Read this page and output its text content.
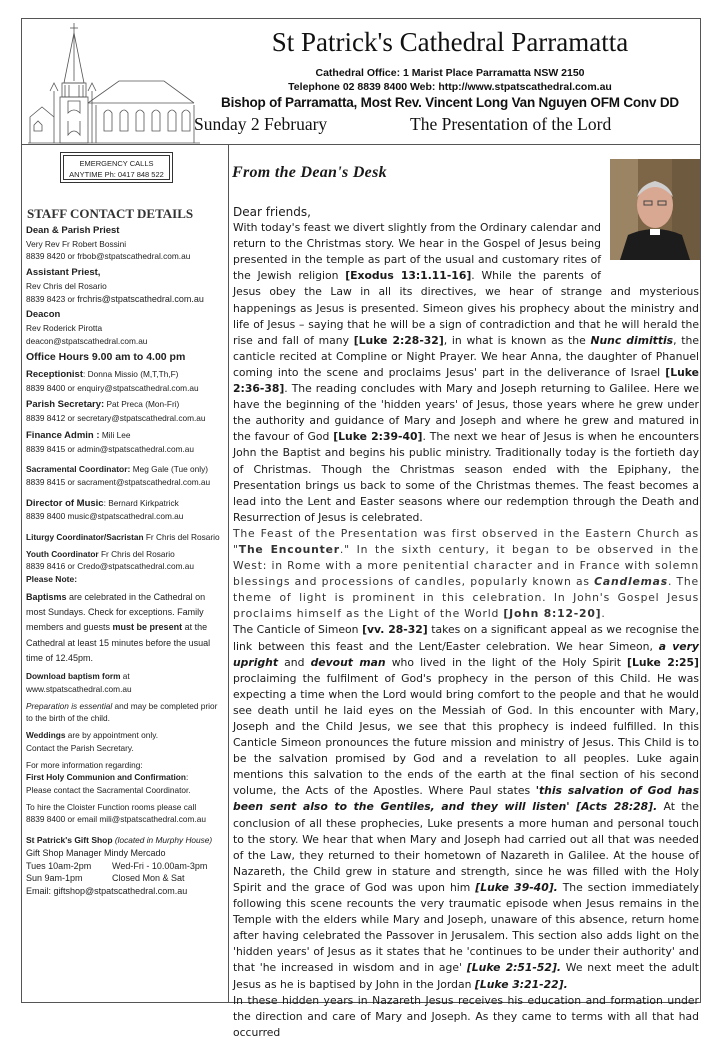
St Patrick's Cathedral Parramatta
Cathedral Office: 1 Marist Place Parramatta NSW 2150
Telephone 02 8839 8400 Web: http://www.stpatscathedral.com.au
Bishop of Parramatta, Most Rev. Vincent Long Van Nguyen OFM Conv DD
Sunday 2 February	The Presentation of the Lord
EMERGENCY CALLS
ANYTIME Ph: 0417 848 522
STAFF CONTACT DETAILS
Dean & Parish Priest
Very Rev Fr Robert Bossini
8839 8420 or frbob@stpatscathedral.com.au
Assistant Priest,
Rev Chris del Rosario
8839 8423 or frchris@stpatscathedral.com.au
Deacon
Rev Roderick Pirotta
deacon@stpatscathedral.com.au
Office Hours 9.00 am to 4.00 pm
Receptionist: Donna Missio (M,T,Th,F)
8839 8400 or enquiry@stpatscathedral.com.au
Parish Secretary: Pat Preca (Mon-Fri)
8839 8412 or secretary@stpatscathedral.com.au
Finance Admin : Mili Lee
8839 8415 or admin@stpatscathedral.com.au
Sacramental Coordinator: Meg Gale (Tue only)
8839 8415 or sacrament@stpatscathedral.com.au
Director of Music: Bernard Kirkpatrick
8839 8400 music@stpatscathedral.com.au
Liturgy Coordinator/Sacristan Fr Chris del Rosario
Youth Coordinator Fr Chris del Rosario
8839 8416 or Credo@stpatscathedral.com.au
Please Note:
Baptisms are celebrated in the Cathedral on most Sundays. Check for exceptions. Family members and guests must be present at the Cathedral at least 15 minutes before the usual time of 12.45pm.
Download baptism form at www.stpatscathedral.com.au
Preparation is essential and may be completed prior to the birth of the child.
Weddings are by appointment only.
Contact the Parish Secretary.
For more information regarding:
First Holy Communion and Confirmation:
Please contact the Sacramental Coordinator.
To hire the Cloister Function rooms please call
8839 8400 or email mili@stpatscathedral.com.au
St Patrick's Gift Shop (located in Murphy House)
Gift Shop Manager Mindy Mercado
Tues 10am-2pm Wed-Fri - 10.00am-3pm
Sun 9am-1pm	Closed Mon & Sat
Email: giftshop@stpatscathedral.com.au
From the Dean's Desk

Dear friends,

With today's feast we divert slightly from the Ordinary calendar and return to the Christmas story. We hear in the Gospel of Jesus being presented in the temple as part of the usual and customary rites of the Jewish religion [Exodus 13:1.11-16]. While the parents of Jesus obey the Law in all its directives, we hear of strange and mysterious happenings as Jesus is presented. Simeon gives his prophecy about the ministry and life of Jesus – saying that he will be a sign of contradiction and that he will herald the rise and fall of many [Luke 2:28-32], in what is known as the Nunc dimittis, the canticle recited at Compline or Night Prayer. We hear Anna, the daughter of Phanuel coming into the scene and proclaims Jesus' part in the deliverance of Israel [Luke 2:36-38]. The reading concludes with Mary and Joseph returning to Galilee. Here we have the beginning of the 'hidden years' of Jesus, those years where he grew under the authority and guidance of Mary and Joseph and where he grew and matured in the favour of God [Luke 2:39-40]. The next we hear of Jesus is when he encounters John the Baptist and begins his public ministry. Traditionally today is the fortieth day of Christmas. Though the Christmas season ended with the Epiphany, the Presentation brings us back to some of the Christmas themes. The feast becomes a lead into the Lent and Easter seasons where our redemption through the Death and Resurrection of Jesus is celebrated.

The Feast of the Presentation was first observed in the Eastern Church as "The Encounter." In the sixth century, it began to be observed in the West: in Rome with a more penitential character and in France with solemn blessings and processions of candles, popularly known as Candlemas. The theme of light is prominent in this celebration. In John's Gospel Jesus proclaims himself as the Light of the World [John 8:12-20].

The Canticle of Simeon [vv. 28-32] takes on a significant appeal as we recognise the link between this feast and the Lent/Easter celebration. We hear Simeon, a very upright and devout man who lived in the light of the Holy Spirit [Luke 2:25] proclaiming the fulfilment of God's prophecy in the person of this Child. He was expecting a time when the Lord would bring comfort to the people and that he would see death until he laid eyes on the Messiah of God. In this encounter with Mary, Joseph and the Child Jesus, we see that this prophecy is indeed fulfilled. In this Canticle Simeon pronounces the future mission and ministry of Jesus. This Child is to be the salvation promised by God and a revelation to all peoples. Luke again mentions this salvation to the ends of the earth at the final section of his second volume, the Acts of the Apostles. Where Paul states 'this salvation of God has been sent also to the Gentiles, and they will listen' [Acts 28:28]. At the conclusion of all these prophecies, Luke presents a more human and personal touch to the story. We hear that when Mary and Joseph had carried out all that was needed of the Law, they returned to their hometown of Nazareth in Galilee. At the house of Nazareth, the Child grew in stature and strength, since he was filled with the Holy Spirit and the grace of God was upon him [Luke 39-40]. The section immediately following this scene recounts the very traumatic episode when Jesus remains in the Temple with the elders while Mary and Joseph, unaware of this absence, return home after having celebrated the Passover in Jerusalem. This section also adds light on the 'hidden years' of Jesus as it states that he 'continues to be under their authority' and that 'he increased in wisdom and in age' [Luke 2:51-52]. We next meet the adult Jesus as he is baptised by John in the Jordan [Luke 3:21-22].

In these hidden years in Nazareth Jesus receives his education and formation under the direction and care of Mary and Joseph. As they came to terms with all that had occurred
